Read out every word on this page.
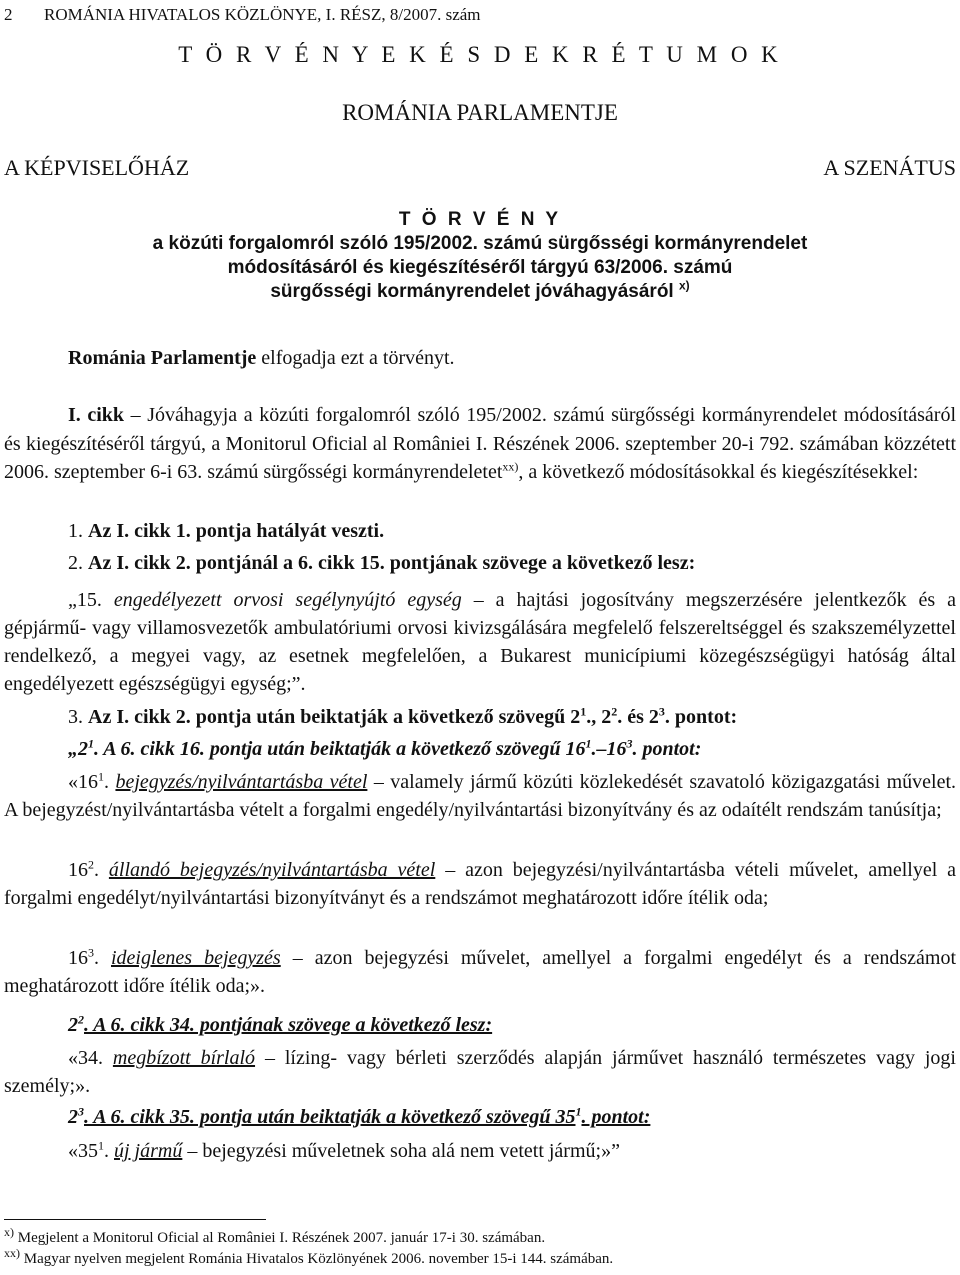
2 ROMÁNIA HIVATALOS KÖZLÖNYE, I. RÉSZ, 8/2007. szám
T Ö R V É N Y E K É S D E K R É T U M O K
ROMÁNIA PARLAMENTJE
A KÉPVISELŐHÁZ	A SZENÁTUS
T Ö R V É N Y
a közúti forgalomról szóló 195/2002. számú sürgősségi kormányrendelet
módosításáról és kiegészítéséről tárgyú 63/2006. számú
sürgősségi kormányrendelet jóváhagyásáról $^{x)}$
Románia Parlamentje elfogadja ezt a törvényt.
I. cikk – Jóváhagyja a közúti forgalomról szóló 195/2002. számú sürgősségi kormányrendelet módosításáról és kiegészítéséről tárgyú, a Monitorul Oficial al României I. Részének 2006. szeptember 20-i 792. számában közzétett 2006. szeptember 6-i 63. számú sürgősségi kormányrendeletet$^{xx)}$, a következő módosításokkal és kiegészítésekkel:
1. Az I. cikk 1. pontja hatályát veszti.
2. Az I. cikk 2. pontjánál a 6. cikk 15. pontjának szövege a következő lesz:
„15. engedélyezett orvosi segélynyújtó egység – a hajtási jogosítvány megszerzésére jelentkezők és a gépjármű- vagy villamosvezetők ambulatóriumi orvosi kivizsgálására megfelelő felszereltséggel és szakszemélyzettel rendelkező, a megyei vagy, az esetnek megfelelően, a Bukarest municípiumi közegészségügyi hatóság által engedélyezett egészségügyi egység;”.
3. Az I. cikk 2. pontja után beiktatják a következő szövegű $2^1$., $2^2$. és $2^3$. pontot:
$„2^1$. A 6. cikk 16. pontja után beiktatják a következő szövegű $16^1.-16^3$. pontot:
«$16^1$. bejegyzés/nyilvántartásba vétel – valamely jármű közúti közlekedését szavatoló közigazgatási művelet. A bejegyzést/nyilvántartásba vételt a forgalmi engedély/nyilvántartási bizonyítvány és az odaítélt rendszám tanúsítja;
$16^2$. állandó bejegyzés/nyilvántartásba vétel – azon bejegyzési/nyilvántartásba vételi művelet, amellyel a forgalmi engedélyt/nyilvántartási bizonyítványt és a rendszámot meghatározott időre ítélik oda;
$16^3$. ideiglenes bejegyzés – azon bejegyzési művelet, amellyel a forgalmi engedélyt és a rendszámot meghatározott időre ítélik oda;».
$2^2$. A 6. cikk 34. pontjának szövege a következő lesz:
«34. megbízott bírlaló – lízing- vagy bérleti szerződés alapján járművet használó természetes vagy jogi személy;».
$2^3$. A 6. cikk 35. pontja után beiktatják a következő szövegű $35^1$. pontot:
«$35^1$. új jármű – bejegyzési műveletnek soha alá nem vetett jármű;»”
$^{x)}$ Megjelent a Monitorul Oficial al României I. Részének 2007. január 17-i 30. számában.
$^{xx)}$ Magyar nyelven megjelent Románia Hivatalos Közlönyének 2006. november 15-i 144. számában.
